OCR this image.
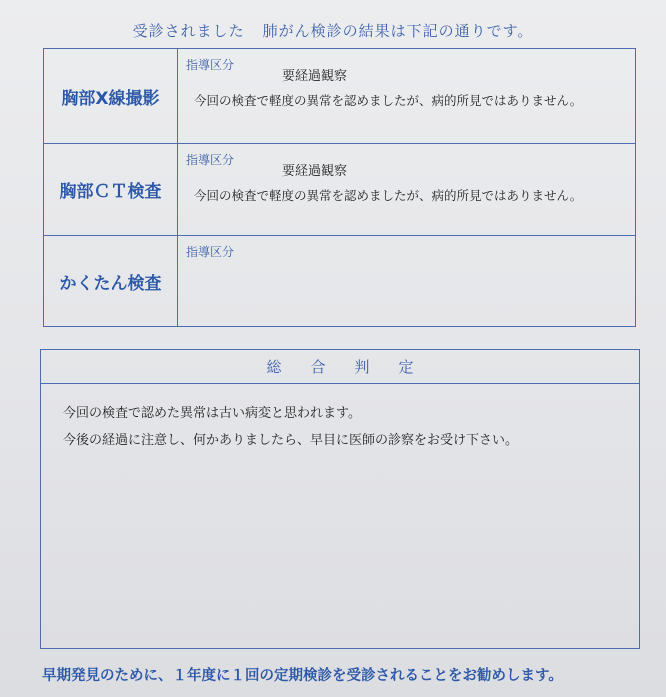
受診されました 肺がん検診の結果は下記の通りです。
胸部X線撮影
指導区分
要経過観察
今回の検査で軽度の異常を認めましたが、病的所見ではありません。
胸部ＣＴ検査
指導区分
要経過観察
今回の検査で軽度の異常を認めましたが、病的所見ではありません。
かくたん検査
指導区分
総 合 判 定
今回の検査で認めた異常は古い病変と思われます。
今後の経過に注意し、何かありましたら、早目に医師の診察をお受け下さい。
早期発見のために、１年度に１回の定期検診を受診されることをお勧めします。
